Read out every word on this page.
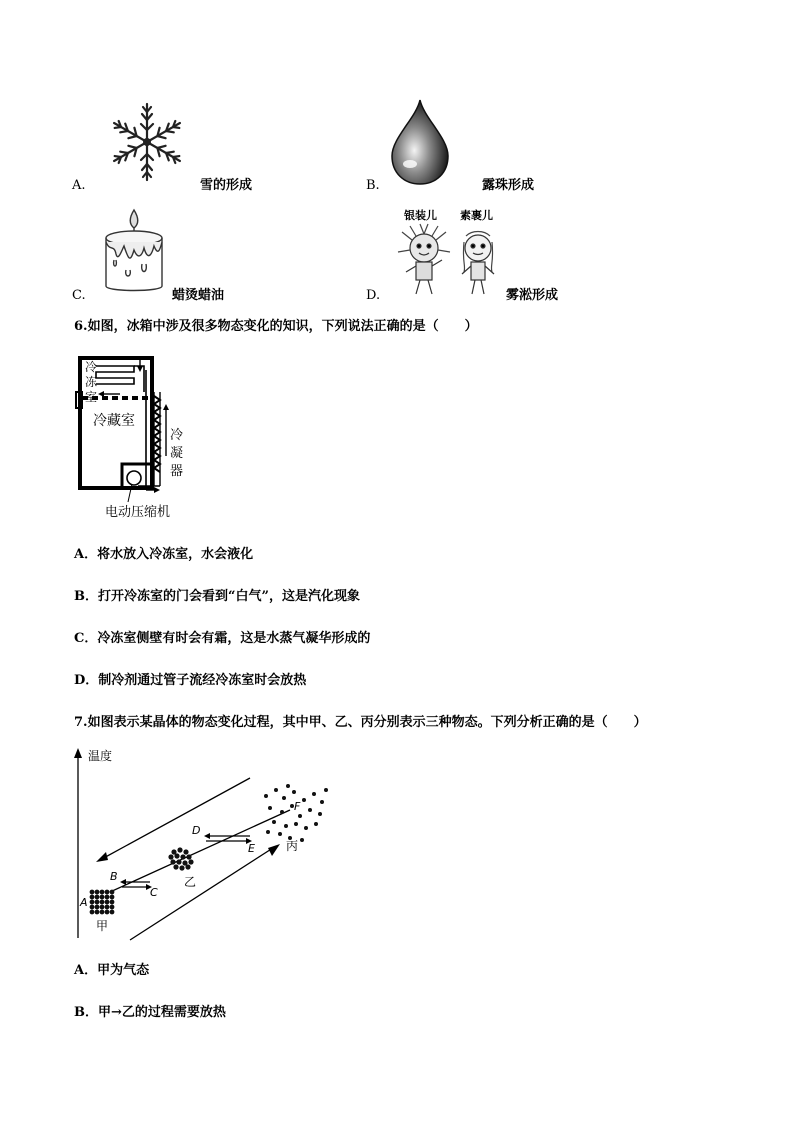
A.	雪的形成	B.	露珠形成
C.	蜡烫蜡油
银装儿 素裹儿
D.	雾淞形成
6.如图，冰箱中涉及很多物态变化的知识，下列说法正确的是（　　）
冷
冻
室
冷藏室
冷
凝
器
电动压缩机
A．将水放入冷冻室，水会液化
B．打开冷冻室的门会看到“白气”，这是汽化现象
C．冷冻室侧壁有时会有霜，这是水蒸气凝华形成的
D．制冷剂通过管子流经冷冻室时会放热
7.如图表示某晶体的物态变化过程，其中甲、乙、丙分别表示三种物态。下列分析正确的是（　　）
A
B
C
D
E
F
甲
乙
丙
温度
A．甲为气态
B．甲→乙的过程需要放热
